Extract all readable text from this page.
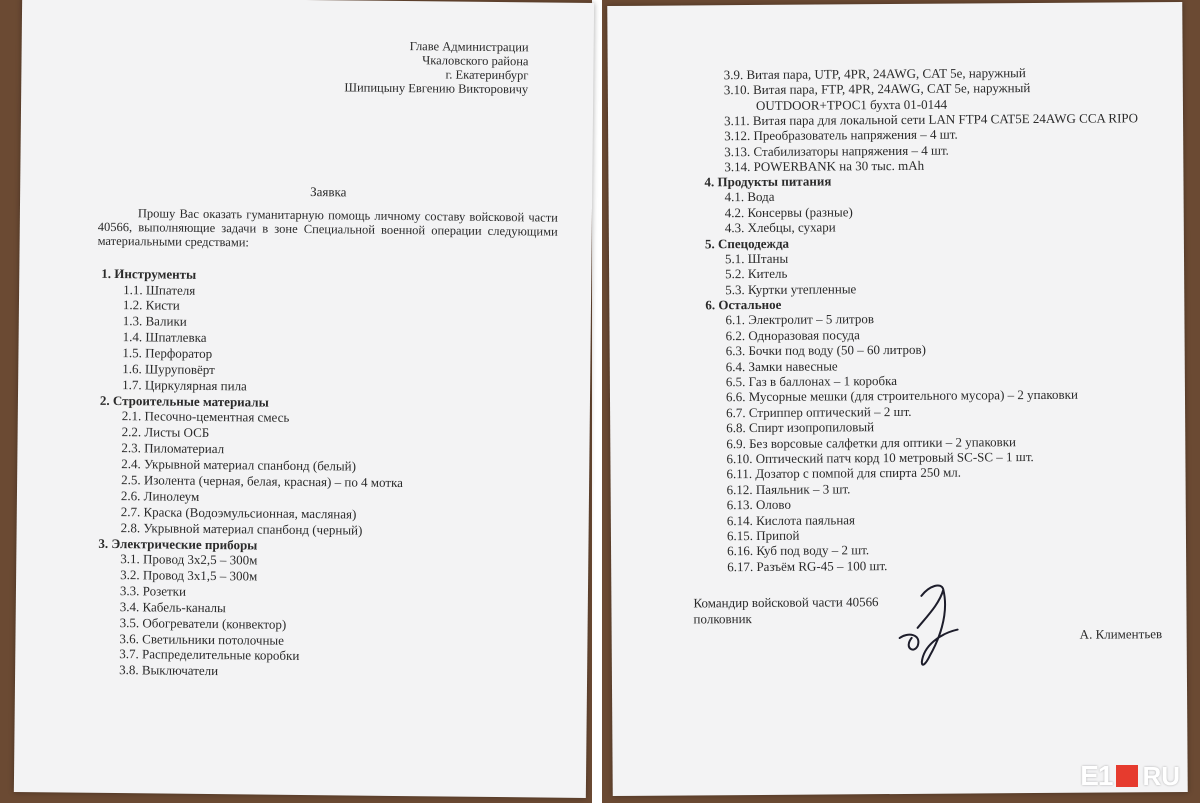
Главе Администрации
Чкаловского района
г. Екатеринбург
Шипицыну Евгению Викторовичу
Заявка
Прошу Вас оказать гуманитарную помощь личному составу войсковой части 40566, выполняющие задачи в зоне Специальной военной операции следующими материальными средствами:
1. Инструменты
1.1. Шпателя
1.2. Кисти
1.3. Валики
1.4. Шпатлевка
1.5. Перфоратор
1.6. Шуруповёрт
1.7. Циркулярная пила
2. Строительные материалы
2.1. Песочно-цементная смесь
2.2. Листы ОСБ
2.3. Пиломатериал
2.4. Укрывной материал спанбонд (белый)
2.5. Изолента (черная, белая, красная) – по 4 мотка
2.6. Линолеум
2.7. Краска (Водоэмульсионная, масляная)
2.8. Укрывной материал спанбонд (черный)
3. Электрические приборы
3.1. Провод 3х2,5 – 300м
3.2. Провод 3х1,5 – 300м
3.3. Розетки
3.4. Кабель-каналы
3.5. Обогреватели (конвектор)
3.6. Светильники потолочные
3.7. Распределительные коробки
3.8. Выключатели
3.9. Витая пара, UTP, 4PR, 24AWG, CAT 5e, наружный
3.10. Витая пара, FTP, 4PR, 24AWG, CAT 5e, наружный
OUTDOOR+ТРОС1 бухта 01-0144
3.11. Витая пара для локальной сети LAN FTP4 CAT5E 24AWG CCA RIPO
3.12. Преобразователь напряжения – 4 шт.
3.13. Стабилизаторы напряжения – 4 шт.
3.14. POWERBANK на 30 тыс. mAh
4. Продукты питания
4.1. Вода
4.2. Консервы (разные)
4.3. Хлебцы, сухари
5. Спецодежда
5.1. Штаны
5.2. Китель
5.3. Куртки утепленные
6. Остальное
6.1. Электролит – 5 литров
6.2. Одноразовая посуда
6.3. Бочки под воду (50 – 60 литров)
6.4. Замки навесные
6.5. Газ в баллонах – 1 коробка
6.6. Мусорные мешки (для строительного мусора) – 2 упаковки
6.7. Стриппер оптический – 2 шт.
6.8. Спирт изопропиловый
6.9. Без ворсовые салфетки для оптики – 2 упаковки
6.10. Оптический патч корд 10 метровый SC-SC – 1 шт.
6.11. Дозатор с помпой для спирта 250 мл.
6.12. Паяльник – 3 шт.
6.13. Олово
6.14. Кислота паяльная
6.15. Припой
6.16. Куб под воду – 2 шт.
6.17. Разъём RG-45 – 100 шт.
Командир войсковой части 40566
полковник
А. Климентьев
E1 RU
